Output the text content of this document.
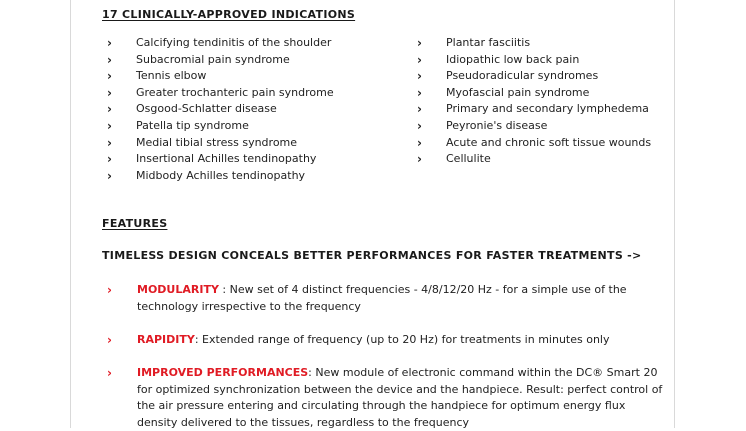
17 CLINICALLY-APPROVED INDICATIONS
›	Calcifying tendinitis of the shoulder
›	Subacromial pain syndrome
›	Tennis elbow
›	Greater trochanteric pain syndrome
›	Osgood-Schlatter disease
›	Patella tip syndrome
›	Medial tibial stress syndrome
›	Insertional Achilles tendinopathy
›	Midbody Achilles tendinopathy
›	Plantar fasciitis
›	Idiopathic low back pain
›	Pseudoradicular syndromes
›	Myofascial pain syndrome
›	Primary and secondary lymphedema
›	Peyronie's disease
›	Acute and chronic soft tissue wounds
›	Cellulite
FEATURES
TIMELESS DESIGN CONCEALS BETTER PERFORMANCES FOR FASTER TREATMENTS ->
›	MODULARITY : New set of 4 distinct frequencies - 4/8/12/20 Hz - for a simple use of the technology irrespective to the frequency
›	RAPIDITY: Extended range of frequency (up to 20 Hz) for treatments in minutes only
›	IMPROVED PERFORMANCES: New module of electronic command within the DC® Smart 20 for optimized synchronization between the device and the handpiece. Result: perfect control of the air pressure entering and circulating through the handpiece for optimum energy flux density delivered to the tissues, regardless to the frequency
